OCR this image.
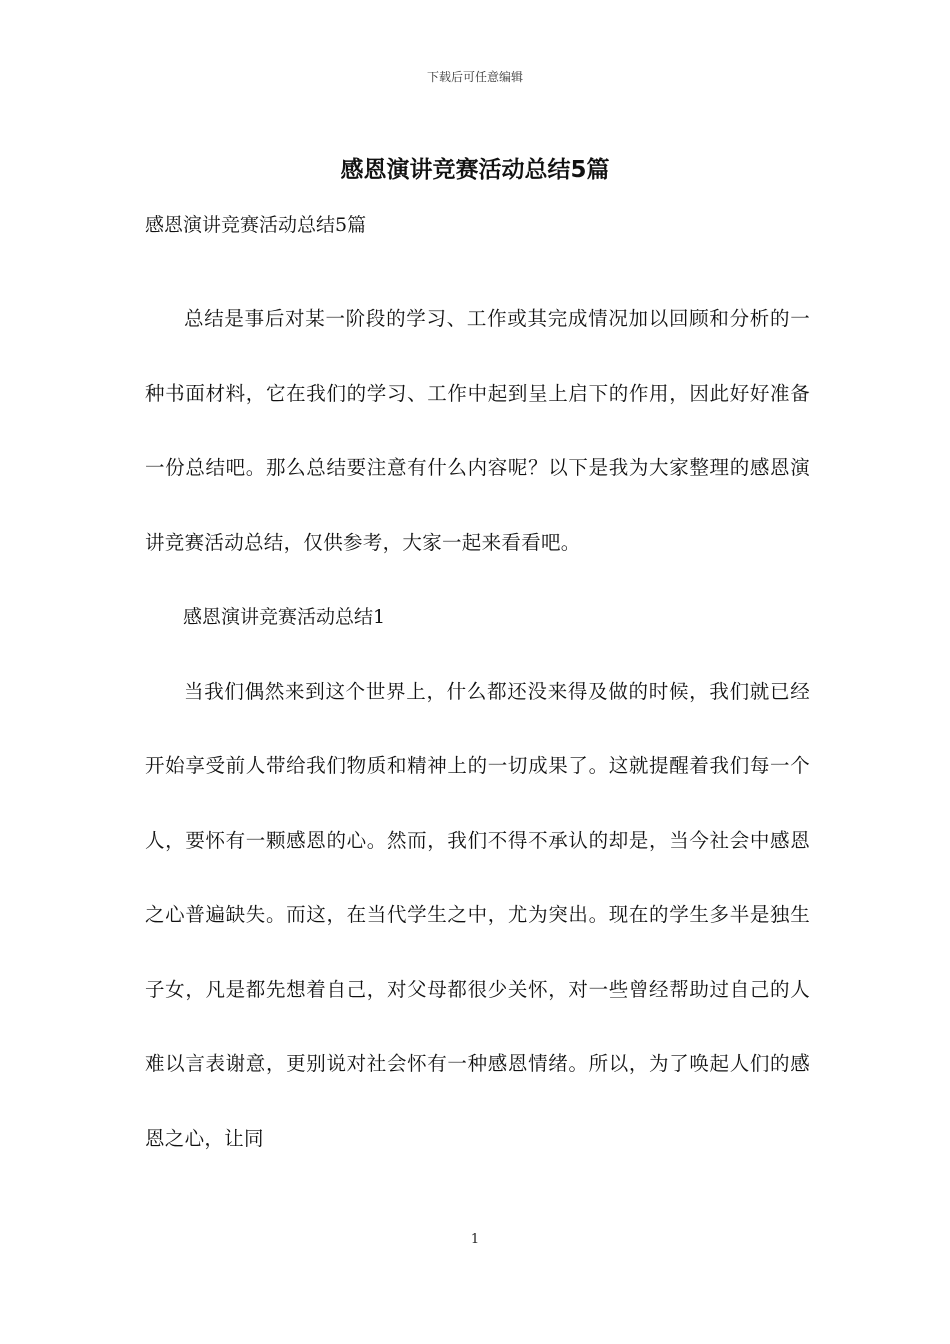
下载后可任意编辑
感恩演讲竞赛活动总结5篇

感恩演讲竞赛活动总结5篇

总结是事后对某一阶段的学习、工作或其完成情况加以回顾和分析的一种书面材料，它在我们的学习、工作中起到呈上启下的作用，因此好好准备一份总结吧。那么总结要注意有什么内容呢？以下是我为大家整理的感恩演讲竞赛活动总结，仅供参考，大家一起来看看吧。

感恩演讲竞赛活动总结1

当我们偶然来到这个世界上，什么都还没来得及做的时候，我们就已经开始享受前人带给我们物质和精神上的一切成果了。这就提醒着我们每一个人，要怀有一颗感恩的心。然而，我们不得不承认的却是，当今社会中感恩之心普遍缺失。而这，在当代学生之中，尤为突出。现在的学生多半是独生子女，凡是都先想着自己，对父母都很少关怀，对一些曾经帮助过自己的人难以言表谢意，更别说对社会怀有一种感恩情绪。所以，为了唤起人们的感恩之心，让同

1
